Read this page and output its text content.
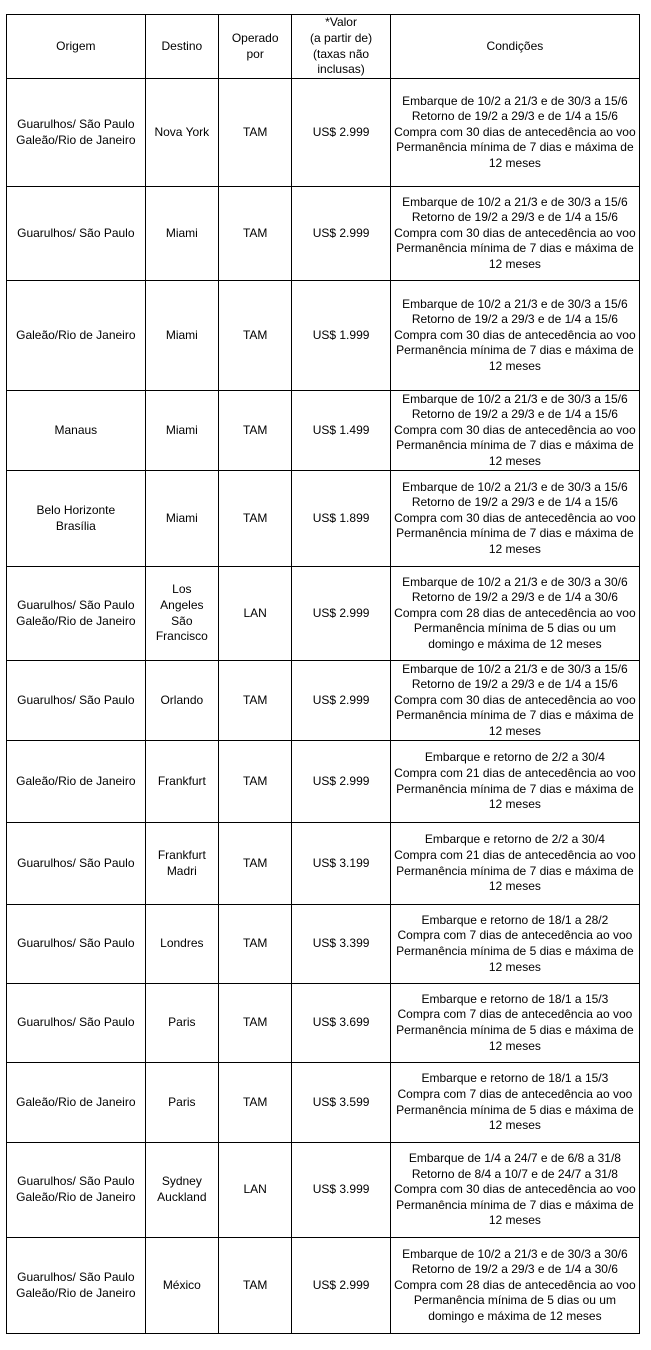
Origem	Destino	Operado
por	*Valor
(a partir de)
(taxas não
inclusas)	Condições

Guarulhos/ São Paulo
Galeão/Rio de Janeiro	Nova York	TAM	US$ 2.999	Embarque de 10/2 a 21/3 e de 30/3 a 15/6
Retorno de 19/2 a 29/3 e de 1/4 a 15/6
Compra com 30 dias de antecedência ao voo
Permanência mínima de 7 dias e máxima de
12 meses

Guarulhos/ São Paulo	Miami	TAM	US$ 2.999	Embarque de 10/2 a 21/3 e de 30/3 a 15/6
Retorno de 19/2 a 29/3 e de 1/4 a 15/6
Compra com 30 dias de antecedência ao voo
Permanência mínima de 7 dias e máxima de
12 meses

Galeão/Rio de Janeiro	Miami	TAM	US$ 1.999	Embarque de 10/2 a 21/3 e de 30/3 a 15/6
Retorno de 19/2 a 29/3 e de 1/4 a 15/6
Compra com 30 dias de antecedência ao voo
Permanência mínima de 7 dias e máxima de
12 meses

Manaus	Miami	TAM	US$ 1.499	Embarque de 10/2 a 21/3 e de 30/3 a 15/6
Retorno de 19/2 a 29/3 e de 1/4 a 15/6
Compra com 30 dias de antecedência ao voo
Permanência mínima de 7 dias e máxima de
12 meses

Belo Horizonte
Brasília	Miami	TAM	US$ 1.899	Embarque de 10/2 a 21/3 e de 30/3 a 15/6
Retorno de 19/2 a 29/3 e de 1/4 a 15/6
Compra com 30 dias de antecedência ao voo
Permanência mínima de 7 dias e máxima de
12 meses

Guarulhos/ São Paulo
Galeão/Rio de Janeiro	Los
Angeles
São
Francisco	LAN	US$ 2.999	Embarque de 10/2 a 21/3 e de 30/3 a 30/6
Retorno de 19/2 a 29/3 e de 1/4 a 30/6
Compra com 28 dias de antecedência ao voo
Permanência mínima de 5 dias ou um
domingo e máxima de 12 meses

Guarulhos/ São Paulo	Orlando	TAM	US$ 2.999	Embarque de 10/2 a 21/3 e de 30/3 a 15/6
Retorno de 19/2 a 29/3 e de 1/4 a 15/6
Compra com 30 dias de antecedência ao voo
Permanência mínima de 7 dias e máxima de
12 meses

Galeão/Rio de Janeiro	Frankfurt	TAM	US$ 2.999	Embarque e retorno de 2/2 a 30/4
Compra com 21 dias de antecedência ao voo
Permanência mínima de 7 dias e máxima de
12 meses

Guarulhos/ São Paulo	Frankfurt
Madri	TAM	US$ 3.199	Embarque e retorno de 2/2 a 30/4
Compra com 21 dias de antecedência ao voo
Permanência mínima de 7 dias e máxima de
12 meses

Guarulhos/ São Paulo	Londres	TAM	US$ 3.399	Embarque e retorno de 18/1 a 28/2
Compra com 7 dias de antecedência ao voo
Permanência mínima de 5 dias e máxima de
12 meses

Guarulhos/ São Paulo	Paris	TAM	US$ 3.699	Embarque e retorno de 18/1 a 15/3
Compra com 7 dias de antecedência ao voo
Permanência mínima de 5 dias e máxima de
12 meses

Galeão/Rio de Janeiro	Paris	TAM	US$ 3.599	Embarque e retorno de 18/1 a 15/3
Compra com 7 dias de antecedência ao voo
Permanência mínima de 5 dias e máxima de
12 meses

Guarulhos/ São Paulo
Galeão/Rio de Janeiro	Sydney
Auckland	LAN	US$ 3.999	Embarque de 1/4 a 24/7 e de 6/8 a 31/8
Retorno de 8/4 a 10/7 e de 24/7 a 31/8
Compra com 30 dias de antecedência ao voo
Permanência mínima de 7 dias e máxima de
12 meses

Guarulhos/ São Paulo
Galeão/Rio de Janeiro	México	TAM	US$ 2.999	Embarque de 10/2 a 21/3 e de 30/3 a 30/6
Retorno de 19/2 a 29/3 e de 1/4 a 30/6
Compra com 28 dias de antecedência ao voo
Permanência mínima de 5 dias ou um
domingo e máxima de 12 meses
